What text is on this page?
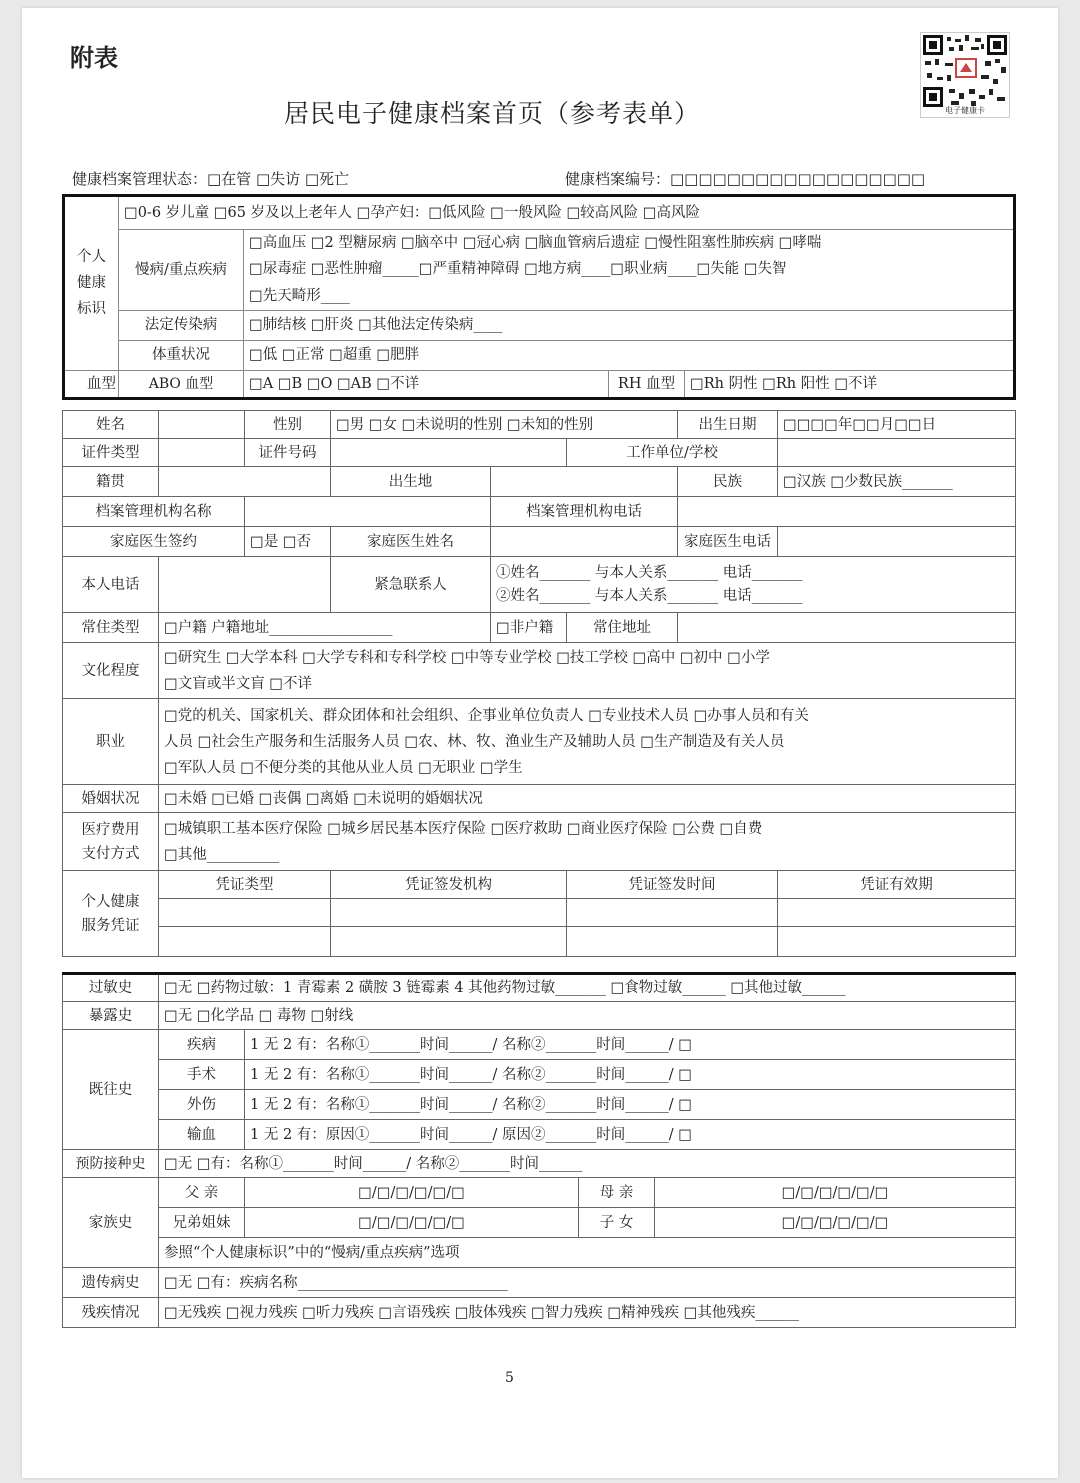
附表
居民电子健康档案首页（参考表单）	电子健康卡
健康档案管理状态：□在管 □失访 □死亡	健康档案编号：□□□□□□□□□□□□□□□□□□
个人健康标识	□0-6 岁儿童 □65 岁及以上老年人 □孕产妇：□低风险 □一般风险 □较高风险 □高风险			
	慢病/重点疾病	□高血压 □2 型糖尿病 □脑卒中 □冠心病 □脑血管病后遗症 □慢性阻塞性肺疾病 □哮喘		
		□尿毒症 □恶性肿瘤_____□严重精神障碍 □地方病____□职业病____□失能 □失智		
		□先天畸形____		
	法定传染病	□肺结核 □肝炎 □其他法定传染病____		
	体重状况	□低 □正常 □超重 □肥胖		
血型	ABO 血型	□A □B □O □AB □不详	RH 血型	□Rh 阴性 □Rh 阳性 □不详
姓名		性别	□男 □女 □未说明的性别 □未知的性别			出生日期	□□□□年□□月□□日
证件类型		证件号码			工作单位/学校		
籍贯			出生地			民族	□汉族 □少数民族_______
档案管理机构名称				档案管理机构电话			
家庭医生签约		□是 □否	家庭医生姓名			家庭医生电话	
本人电话			紧急联系人	①姓名_______ 与本人关系_______ 电话_______
②姓名_______ 与本人关系_______ 电话_______			

常住类型	□户籍 户籍地址_________________			□非户籍	常住地址		
文化程度	□研究生 □大学本科 □大学专科和专科学校 □中等专业学校 □技工学校 □高中 □初中 □小学
□文盲或半文盲 □不详						

职业	□党的机关、国家机关、群众团体和社会组织、企事业单位负责人 □专业技术人员 □办事人员和有关
人员 □社会生产服务和生活服务人员 □农、林、牧、渔业生产及辅助人员 □生产制造及有关人员
□军队人员 □不便分类的其他从业人员 □无职业 □学生						

婚姻状况	□未婚 □已婚 □丧偶 □离婚 □未说明的婚姻状况						
医疗费用支付方式	□城镇职工基本医疗保险 □城乡居民基本医疗保险 □医疗救助 □商业医疗保险 □公费 □自费
□其他__________						

个人健康服务凭证	凭证类型		凭证签发机构		凭证签发时间		凭证有效期

过敏史	□无 □药物过敏：1 青霉素 2 磺胺 3 链霉素 4 其他药物过敏_______ □食物过敏______ □其他过敏______			
暴露史	□无 □化学品 □ 毒物 □射线			
既往史	疾病	1 无 2 有：名称①_______时间______/ 名称②_______时间______/ □		
	手术	1 无 2 有：名称①_______时间______/ 名称②_______时间______/ □		
	外伤	1 无 2 有：名称①_______时间______/ 名称②_______时间______/ □		
	输血	1 无 2 有：原因①_______时间______/ 原因②_______时间______/ □		
预防接种史	□无 □有：名称①_______时间______/ 名称②_______时间______			
家族史	父 亲	□/□/□/□/□/□	母 亲	□/□/□/□/□/□
	兄弟姐妹	□/□/□/□/□/□	子 女	□/□/□/□/□/□
	参照“个人健康标识”中的“慢病/重点疾病”选项			
遗传病史	□无 □有：疾病名称_____________________________			
残疾情况	□无残疾 □视力残疾 □听力残疾 □言语残疾 □肢体残疾 □智力残疾 □精神残疾 □其他残疾______			
5
